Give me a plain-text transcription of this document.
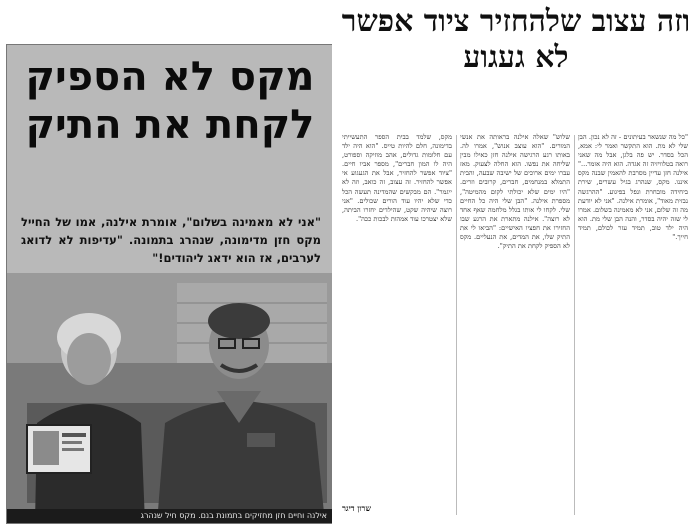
מקס לא הספיק לקחת את התיק
"אני לא מאמינה בשלום", אומרת אילנה, אמו של החייל מקס חזן מדימונה, שנהרג בתמונה. "עדיפות לא לדואג לערבים, אז הוא ידאג ליהודים!"
אילנה וחיים חזן מחזיקים בתמונת בנם. מקס חיל שנהרג
וזה עצוב שלהחזיר ציוד אפשר לא געגוע
"כל מה שנשאר בעיתונים - זה לא נכון. הבן שלי לא מת. הוא התקשר ואמר לי: אמא, הכל בסדר. יש פה בלגן, אבל מה שאני רואה בטלוויזיה זה אגדה. הוא היה אומר..." אילנה חזן עדיין מסרבת להאמין שבנה מקס איננו. מקס, שנהרג בגיל עשרים, שירת ביחידה מובחרת ונפל בפיגוע. "ההרגשה נבזית מאוד", אומרת אילנה. "אני לא יודעת מה זה שלום, אני לא מאמינה בשלום. אמרו לי שזה יהיה בסדר, והנה הבן שלי מת. הוא היה ילד טוב, תמיד עזר לכולם, תמיד חייך."
שלוש" שאלה אילנה בראותה את אנשי המורים. "הוא עוצב אנוש", אמרו לה. באותו רגע הרגישה אילנה חזן כאילו מבין שליחה את נפשו. הוא החלה לצעוק. מאז עברו ימים ארוכים של ישיבה שבעה, והבית התמלא במנחמים, חברים, קרובים וזרים. "היו ימים שלא יכולתי לקום מהמיטה", מספרת אילנה. "הבן שלי היה כל החיים שלי. לקחו לי אותו בגלל מלחמה שאף אחד לא רוצה". אילנה מתארת את הרגע שבו החזירו את חפציו האישיים: "הביאו לי את התיק שלו, את המדים, את הנעליים. מקס לא הספיק לקחת את התיק".
מקס, שלמד בבית הספר התעשייתי בדימונה, חלם להיות טייס. "הוא היה ילד עם חלומות גדולים, אהב מוזיקה וספורט, היה לו המון חברים", מספר אביו חיים. "ציוד אפשר להחזיר, אבל את הגעגוע אי אפשר להחזיר. זה עצוב, זה כואב, וזה לא ייגמר". הם מבקשים שהמדינה תעשה הכל כדי שלא יהיו עוד הורים שכולים. "אני רוצה שיהיה שקט, שהילדים יחזרו הביתה, שלא יצטרכו עוד אמהות לבכות ככה".
שרון דיגר
